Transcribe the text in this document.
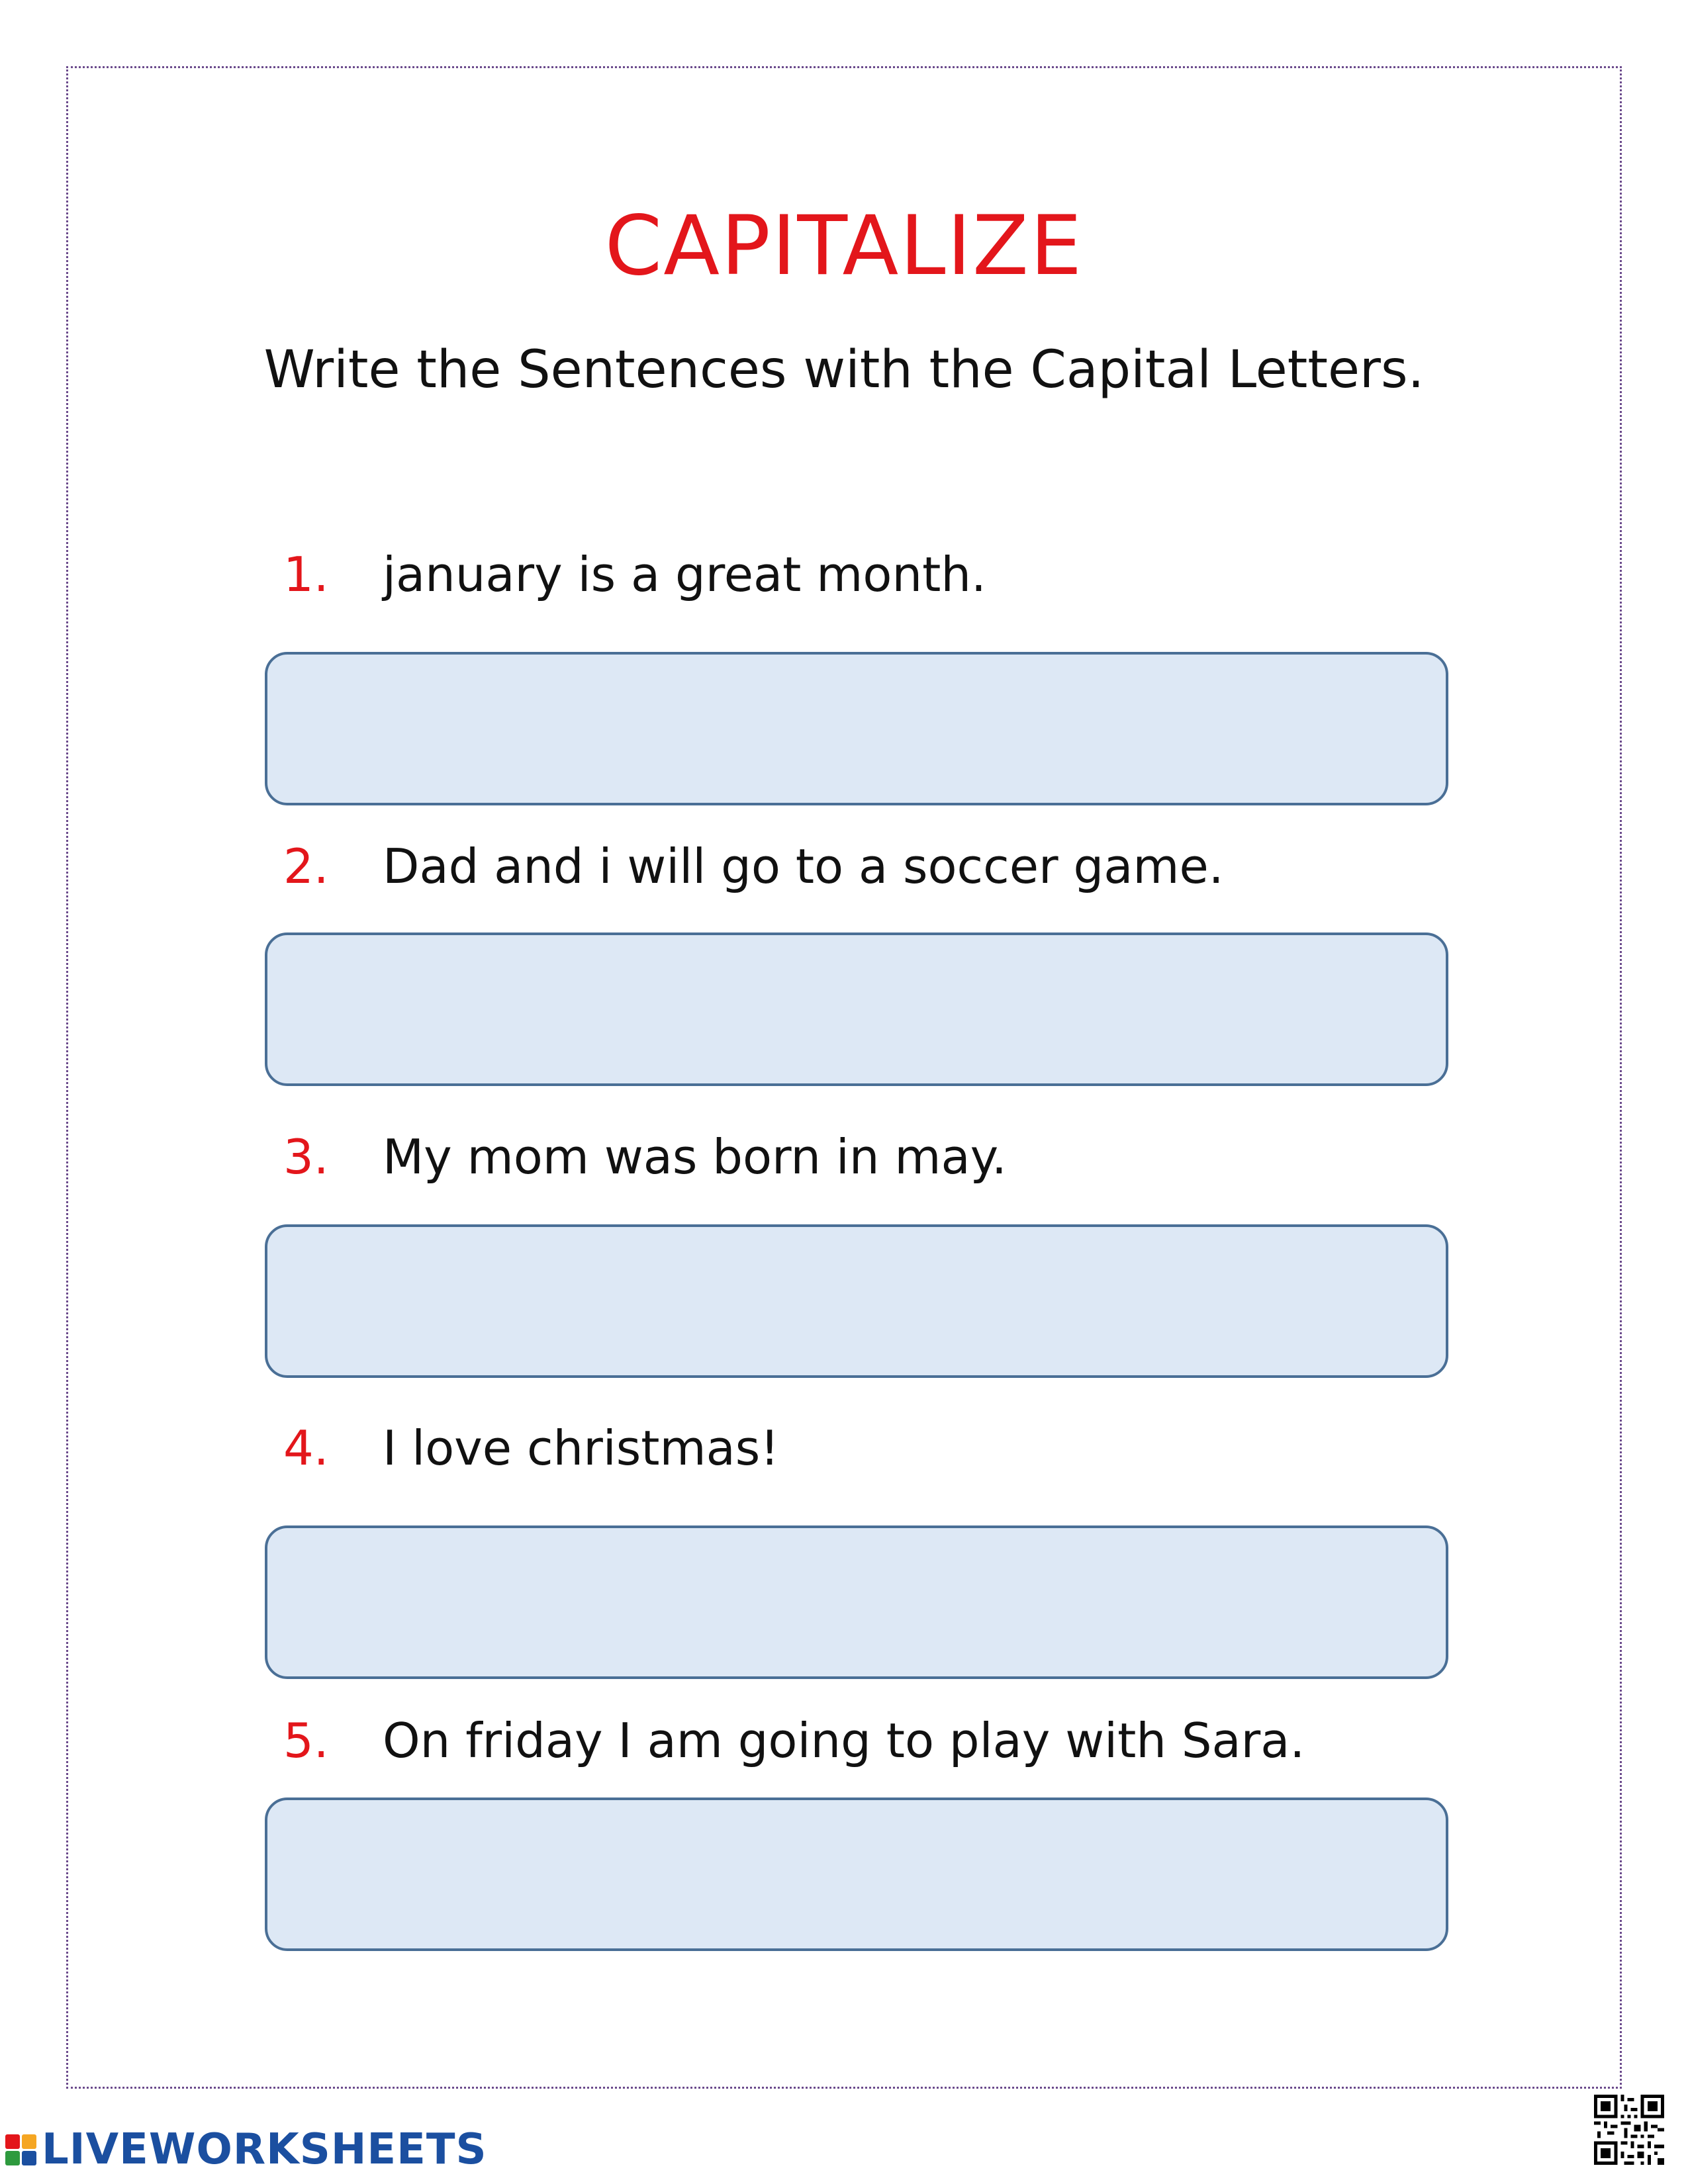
CAPITALIZE
Write the Sentences with the Capital Letters.
1. january is a great month.
2. Dad and i will go to a soccer game.
3. My mom was born in may.
4. I love christmas!
5. On friday I am going to play with Sara.
LIVEWORKSHEETS
